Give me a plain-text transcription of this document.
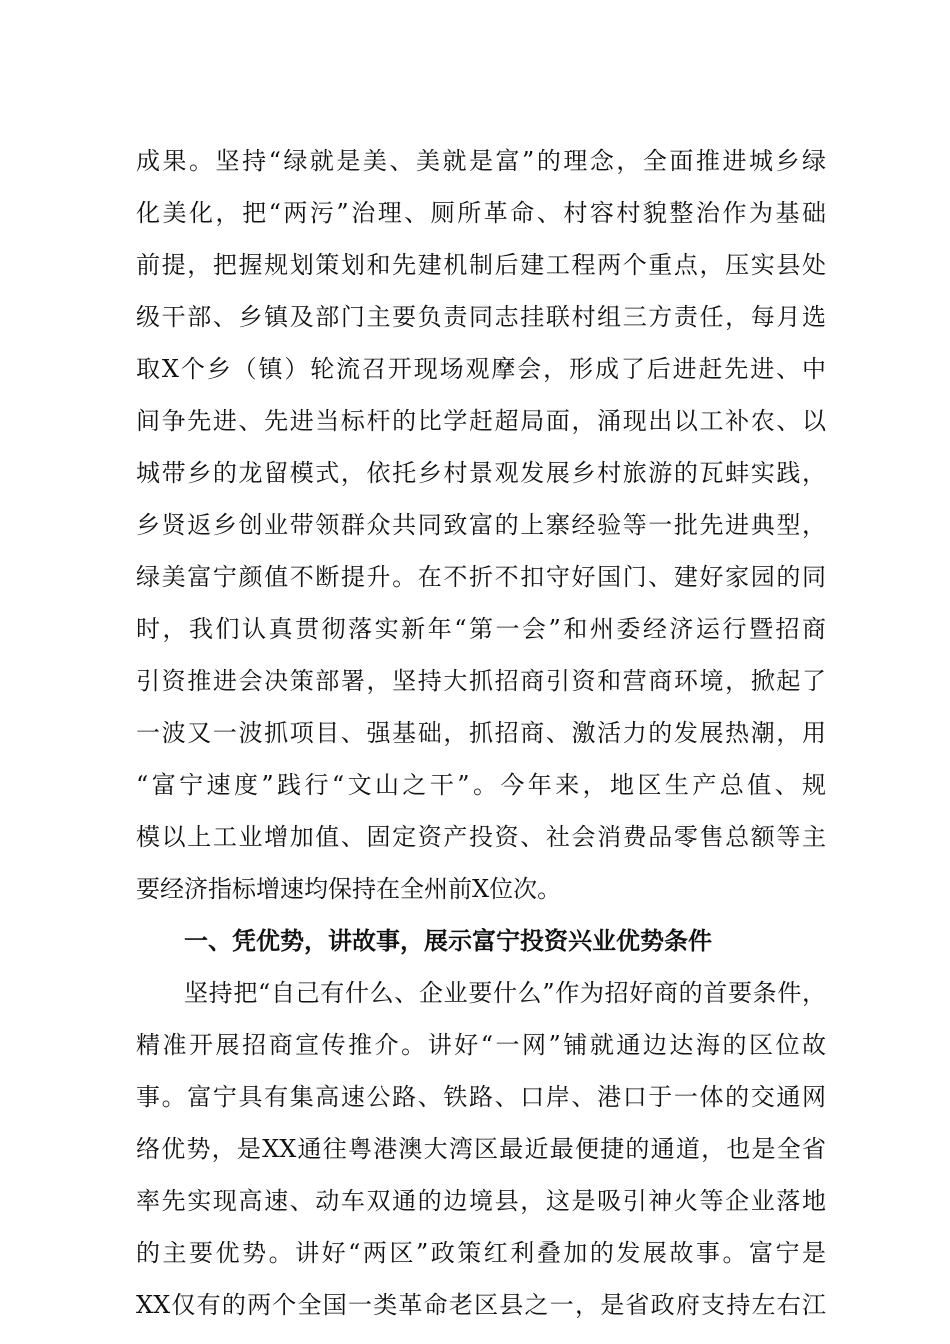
成果。坚持“绿就是美、美就是富”的理念，全面推进城乡绿
化美化，把“两污”治理、厕所革命、村容村貌整治作为基础
前提，把握规划策划和先建机制后建工程两个重点，压实县处
级干部、乡镇及部门主要负责同志挂联村组三方责任，每月选
取X个乡（镇）轮流召开现场观摩会，形成了后进赶先进、中
间争先进、先进当标杆的比学赶超局面，涌现出以工补农、以
城带乡的龙留模式，依托乡村景观发展乡村旅游的瓦蚌实践，
乡贤返乡创业带领群众共同致富的上寨经验等一批先进典型，
绿美富宁颜值不断提升。在不折不扣守好国门、建好家园的同
时，我们认真贯彻落实新年“第一会”和州委经济运行暨招商
引资推进会决策部署，坚持大抓招商引资和营商环境，掀起了
一波又一波抓项目、强基础，抓招商、激活力的发展热潮，用
“富宁速度”践行“文山之干”。今年来，地区生产总值、规
模以上工业增加值、固定资产投资、社会消费品零售总额等主
要经济指标增速均保持在全州前X位次。
一、凭优势，讲故事，展示富宁投资兴业优势条件
坚持把“自己有什么、企业要什么”作为招好商的首要条件，
精准开展招商宣传推介。讲好“一网”铺就通边达海的区位故
事。富宁具有集高速公路、铁路、口岸、港口于一体的交通网
络优势，是XX通往粤港澳大湾区最近最便捷的通道，也是全省
率先实现高速、动车双通的边境县，这是吸引神火等企业落地
的主要优势。讲好“两区”政策红利叠加的发展故事。富宁是
XX仅有的两个全国一类革命老区县之一，是省政府支持左右江
